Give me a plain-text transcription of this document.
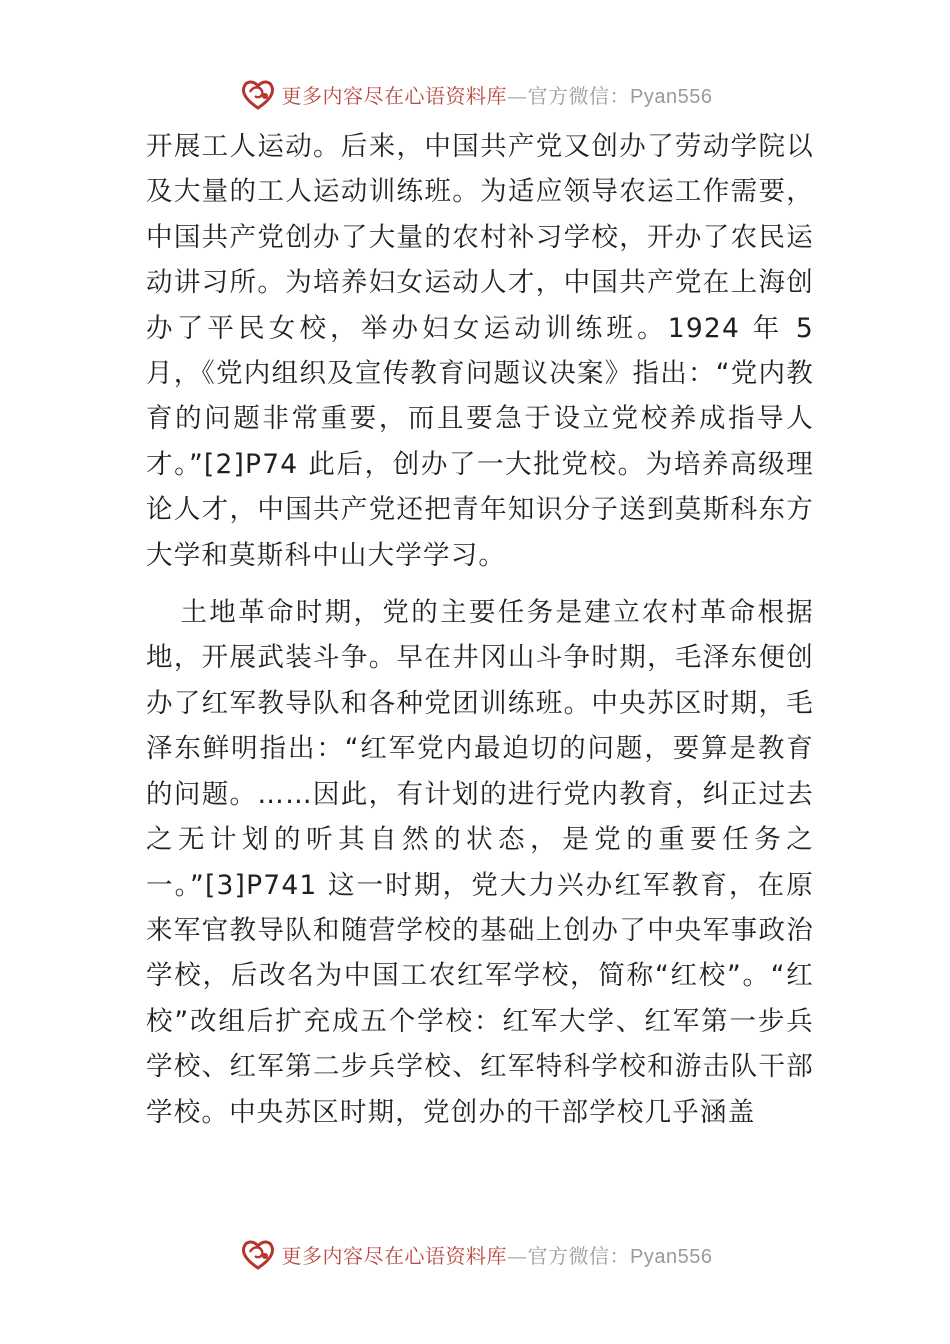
更多内容尽在心语资料库—官方微信：Pyan556

开展工人运动。后来，中国共产党又创办了劳动学院以及大量的工人运动训练班。为适应领导农运工作需要，中国共产党创办了大量的农村补习学校，开办了农民运动讲习所。为培养妇女运动人才，中国共产党在上海创办了平民女校，举办妇女运动训练班。1924 年 5 月，《党内组织及宣传教育问题议决案》指出：“党内教育的问题非常重要，而且要急于设立党校养成指导人才。”[2]P74 此后，创办了一大批党校。为培养高级理论人才，中国共产党还把青年知识分子送到莫斯科东方大学和莫斯科中山大学学习。

土地革命时期，党的主要任务是建立农村革命根据地，开展武装斗争。早在井冈山斗争时期，毛泽东便创办了红军教导队和各种党团训练班。中央苏区时期，毛泽东鲜明指出：“红军党内最迫切的问题，要算是教育的问题。……因此，有计划的进行党内教育，纠正过去之无计划的听其自然的状态，是党的重要任务之一。”[3]P741 这一时期，党大力兴办红军教育，在原来军官教导队和随营学校的基础上创办了中央军事政治学校，后改名为中国工农红军学校，简称“红校”。“红校”改组后扩充成五个学校：红军大学、红军第一步兵学校、红军第二步兵学校、红军特科学校和游击队干部学校。中央苏区时期，党创办的干部学校几乎涵盖

更多内容尽在心语资料库—官方微信：Pyan556
